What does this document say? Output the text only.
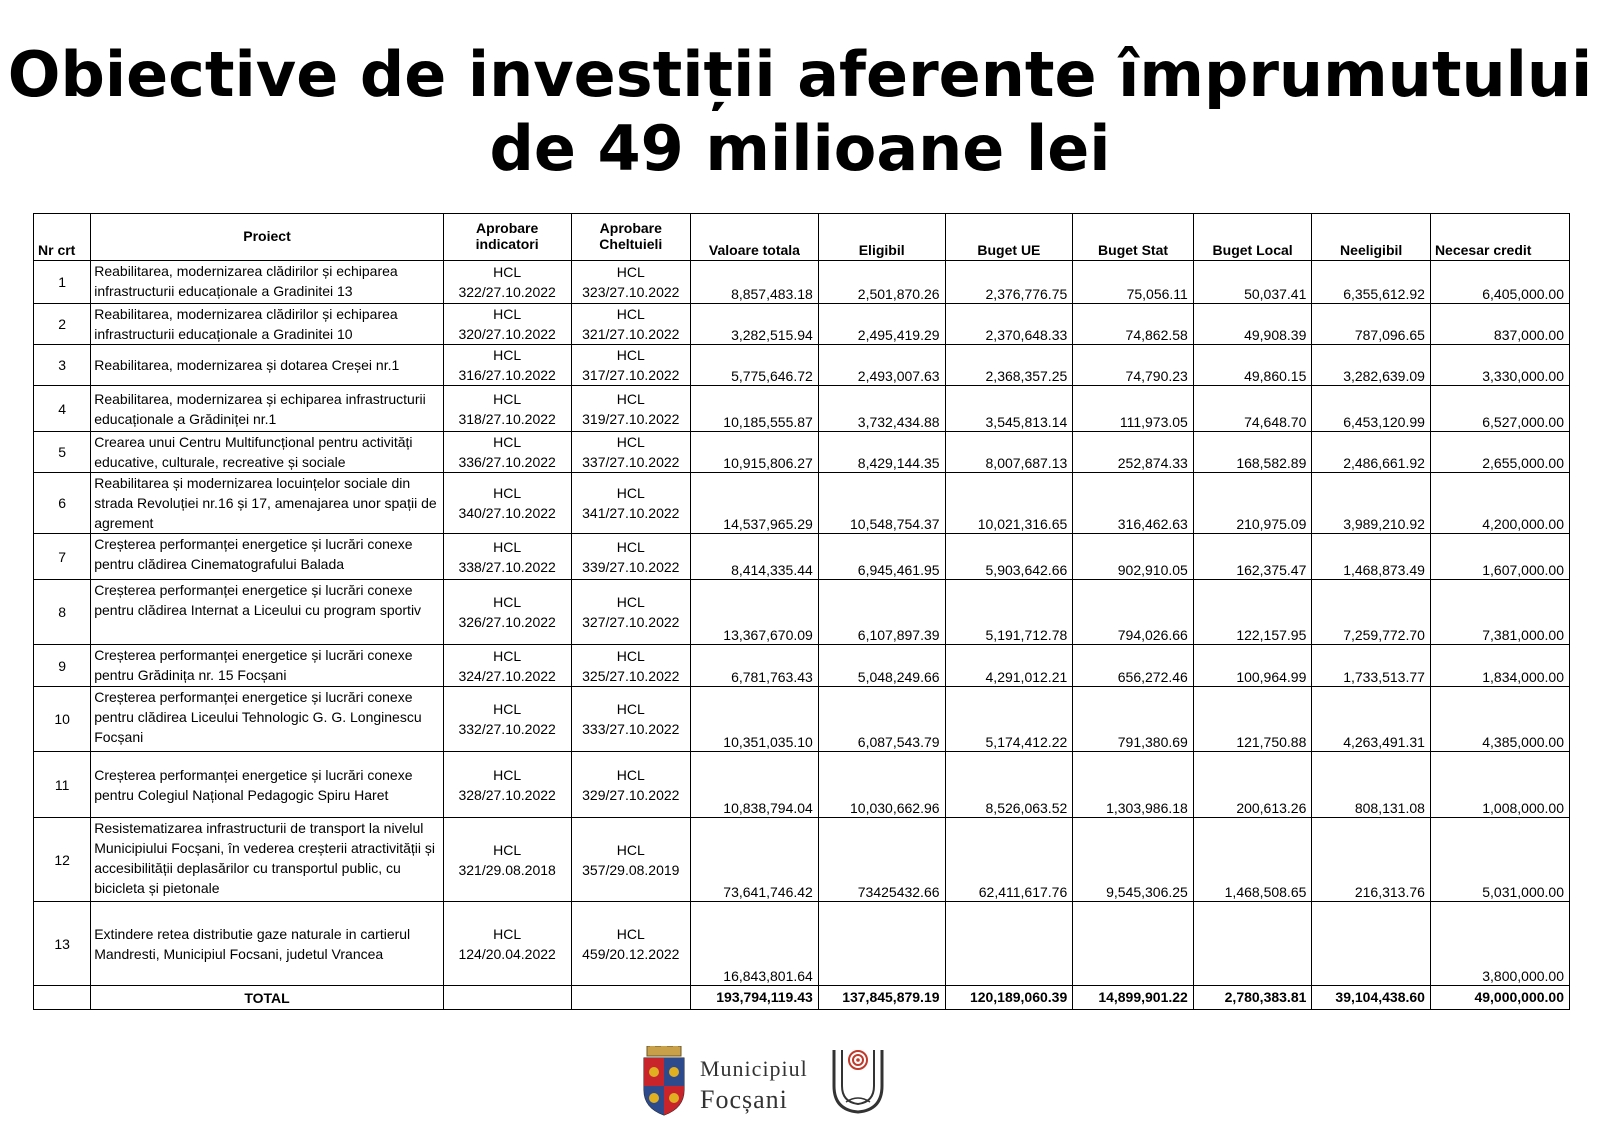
Obiective de investiții aferente împrumutului
de 49 milioane lei
Nr crt	Proiect	Aprobare indicatori	Aprobare Cheltuieli	Valoare totala	Eligibil	Buget UE	Buget Stat	Buget Local	Neeligibil	Necesar credit
1	Reabilitarea, modernizarea clădirilor și echiparea infrastructurii educaționale a Gradinitei 13	HCL 322/27.10.2022	HCL 323/27.10.2022	8,857,483.18	2,501,870.26	2,376,776.75	75,056.11	50,037.41	6,355,612.92	6,405,000.00
2	Reabilitarea, modernizarea clădirilor și echiparea infrastructurii educaționale a Gradinitei 10	HCL 320/27.10.2022	HCL 321/27.10.2022	3,282,515.94	2,495,419.29	2,370,648.33	74,862.58	49,908.39	787,096.65	837,000.00
3	Reabilitarea, modernizarea și dotarea Creșei nr.1	HCL 316/27.10.2022	HCL 317/27.10.2022	5,775,646.72	2,493,007.63	2,368,357.25	74,790.23	49,860.15	3,282,639.09	3,330,000.00
4	Reabilitarea, modernizarea și echiparea infrastructurii educaționale a Grădiniței nr.1	HCL 318/27.10.2022	HCL 319/27.10.2022	10,185,555.87	3,732,434.88	3,545,813.14	111,973.05	74,648.70	6,453,120.99	6,527,000.00
5	Crearea unui Centru Multifuncțional pentru activități educative, culturale, recreative și sociale	HCL 336/27.10.2022	HCL 337/27.10.2022	10,915,806.27	8,429,144.35	8,007,687.13	252,874.33	168,582.89	2,486,661.92	2,655,000.00
6	Reabilitarea și modernizarea locuințelor sociale din strada Revoluției nr.16 și 17, amenajarea unor spații de agrement	HCL 340/27.10.2022	HCL 341/27.10.2022	14,537,965.29	10,548,754.37	10,021,316.65	316,462.63	210,975.09	3,989,210.92	4,200,000.00
7	Creșterea performanței energetice și lucrări conexe pentru clădirea Cinematografului Balada	HCL 338/27.10.2022	HCL 339/27.10.2022	8,414,335.44	6,945,461.95	5,903,642.66	902,910.05	162,375.47	1,468,873.49	1,607,000.00
8	Creșterea performanței energetice și lucrări conexe pentru clădirea Internat a Liceului cu program sportiv	HCL 326/27.10.2022	HCL 327/27.10.2022	13,367,670.09	6,107,897.39	5,191,712.78	794,026.66	122,157.95	7,259,772.70	7,381,000.00
9	Creșterea performanței energetice și lucrări conexe pentru Grădinița nr. 15 Focșani	HCL 324/27.10.2022	HCL 325/27.10.2022	6,781,763.43	5,048,249.66	4,291,012.21	656,272.46	100,964.99	1,733,513.77	1,834,000.00
10	Creșterea performanței energetice și lucrări conexe pentru clădirea Liceului Tehnologic G. G. Longinescu Focșani	HCL 332/27.10.2022	HCL 333/27.10.2022	10,351,035.10	6,087,543.79	5,174,412.22	791,380.69	121,750.88	4,263,491.31	4,385,000.00
11	Creșterea performanței energetice și lucrări conexe pentru Colegiul Național Pedagogic Spiru Haret	HCL 328/27.10.2022	HCL 329/27.10.2022	10,838,794.04	10,030,662.96	8,526,063.52	1,303,986.18	200,613.26	808,131.08	1,008,000.00
12	Resistematizarea infrastructurii de transport la nivelul Municipiului Focșani, în vederea creșterii atractivității și accesibilității deplasărilor cu transportul public, cu bicicleta și pietonale	HCL 321/29.08.2018	HCL 357/29.08.2019	73,641,746.42	73425432.66	62,411,617.76	9,545,306.25	1,468,508.65	216,313.76	5,031,000.00
13	Extindere retea distributie gaze naturale in cartierul Mandresti, Municipiul Focsani, judetul Vrancea	HCL 124/20.04.2022	HCL 459/20.12.2022	16,843,801.64						3,800,000.00
	TOTAL			193,794,119.43	137,845,879.19	120,189,060.39	14,899,901.22	2,780,383.81	39,104,438.60	49,000,000.00
Municipiul
Focșani
